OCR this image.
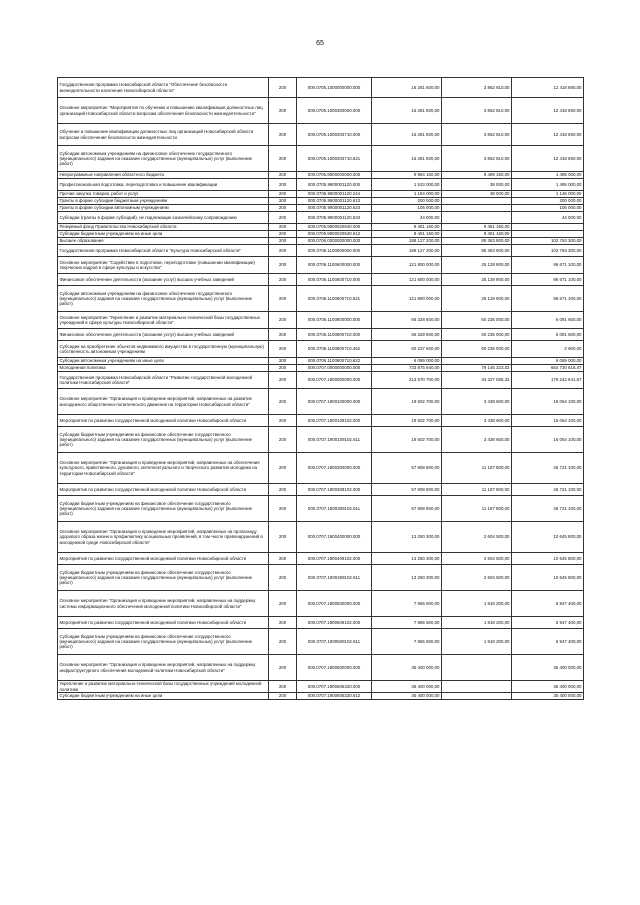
65
Государственная программа Новосибирской области "Обеспечение безопасности жизнедеятельности населения Новосибирской области"	200	000.0705.1000000000.000	16 281 500,00	3 862 810,00	12 418 690,00
Основное мероприятие "Мероприятия по обучению и повышению квалификации должностных лиц организаций Новосибирской области вопросам обеспечения безопасности жизнедеятельности"	200	000.0705.1000300000.000	16 281 500,00	3 862 810,00	12 418 690,00
Обучение и повышение квалификации должностных лиц организаций Новосибирской области вопросам обеспечения безопасности жизнедеятельности	200	000.0705.1000303710.000	16 281 500,00	3 862 810,00	12 418 690,00
Субсидии автономным учреждениям на финансовое обеспечение государственного (муниципального) задания на оказание государственных (муниципальных) услуг (выполнение работ)	200	000.0705.1000303710.621	16 281 500,00	3 862 810,00	12 418 690,00
Непрограммные направления областного бюджета	200	000.0705.9900000000.000	9 984 160,00	8 489 160,00	1 495 000,00
Профессиональная подготовка, переподготовка и повышение квалификации	200	000.0705.9900001120.000	1 533 000,00	38 000,00	1 495 000,00
Прочая закупка товаров, работ и услуг	200	000.0705.9900001120.244	1 184 000,00	38 000,00	1 146 000,00
Гранты в форме субсидии бюджетным учреждениям	200	000.0705.9900001120.613	200 000,00		200 000,00
Гранты в форме субсидии автономным учреждениям	200	000.0705.9900001120.623	105 000,00		105 000,00
Субсидии (гранты в форме субсидий), не подлежащие казначейскому сопровождению	200	000.0705.9900001120.633	44 000,00		44 000,00
Резервный фонд Правительства Новосибирской области	200	000.0705.9900020540.000	8 451 160,00	8 451 160,00	
Субсидии бюджетным учреждениям на иные цели	200	000.0705.9900020540.612	8 451 160,00	8 451 160,00	
Высшее образование	200	000.0706.0000000000.000	188 127 200,00	85 363 900,00	102 763 300,00
Государственная программа Новосибирской области "Культура Новосибирской области"	200	000.0706.1100000000.000	188 127 200,00	85 363 900,00	102 763 300,00
Основное мероприятие "Содействие в подготовке, переподготовке (повышении квалификации) творческих кадров в сфере культуры и искусства"	200	000.0706.1100600000.000	121 800 000,00	25 128 900,00	96 671 100,00
Финансовое обеспечение деятельности (оказание услуг) высших учебных заведений	200	000.0706.1100600710.000	121 800 000,00	25 128 900,00	96 671 100,00
Субсидии автономным учреждениям на финансовое обеспечение государственного (муниципального) задания на оказание государственных (муниципальных) услуг (выполнение работ)	200	000.0706.1100600710.621	121 800 000,00	25 128 900,00	96 671 100,00
Основное мероприятие "Укрепление и развитие материально-технической базы государственных учреждений в сфере культуры Новосибирской области"	200	000.0706.1100800000.000	66 328 600,00	60 235 000,00	6 091 600,00
Финансовое обеспечение деятельности (оказание услуг) высших учебных заведений	200	000.0706.1100800710.000	66 328 600,00	60 235 000,00	6 091 600,00
Субсидии на приобретение объектов недвижимого имущества в государственную (муниципальную) собственность автономным учреждениям	200	000.0706.1100800710.462	60 237 600,00	60 235 000,00	2 600,00
Субсидии автономным учреждениям на иные цели	200	000.0706.1100800710.622	6 089 000,00		6 089 000,00
Молодежная политика	200	000.0707.0000000000.000	733 875 940,00	79 145 323,53	654 730 616,47
Государственная программа Новосибирской области "Развитие государственной молодежной политики Новосибирской области"	200	000.0707.1900000000.000	213 570 700,00	34 327 058,33	179 243 641,67
Основное мероприятие "Организация и проведение мероприятий, направленных на развитие молодежного общественно-политического движения на территории Новосибирской области"	200	000.0707.1900100000.000	19 502 700,00	3 438 600,00	16 064 100,00
Мероприятия по развитию государственной молодежной политики Новосибирской области	200	000.0707.1900109102.000	19 502 700,00	3 438 600,00	16 064 100,00
Субсидии бюджетным учреждениям на финансовое обеспечение государственного (муниципального) задания на оказание государственных (муниципальных) услуг (выполнение работ)	200	000.0707.1900109102.611	19 502 700,00	3 438 600,00	16 064 100,00
Основное мероприятие "Организация и проведение мероприятий, направленных на обеспечение культурного, нравственного, духовного, интеллектуального и творческого развития молодежи на территории Новосибирской области"	200	000.0707.1900300000.000	57 908 900,00	11 187 800,00	46 721 100,00
Мероприятия по развитию государственной молодежной политики Новосибирской области	200	000.0707.1900309102.000	57 908 900,00	11 187 800,00	46 721 100,00
Субсидии бюджетным учреждениям на финансовое обеспечение государственного (муниципального) задания на оказание государственных (муниципальных) услуг (выполнение работ)	200	000.0707.1900309102.611	57 908 900,00	11 187 800,00	46 721 100,00
Основное мероприятие "Организация и проведение мероприятий, направленных на пропаганду здорового образа жизни и профилактику асоциальных проявлений, в том числе правонарушений в молодежной среде Новосибирской области"	200	000.0707.1900400000.000	13 250 300,00	2 604 500,00	10 645 800,00
Мероприятия по развитию государственной молодежной политики Новосибирской области	200	000.0707.1900409102.000	13 250 300,00	2 604 500,00	10 645 800,00
Субсидии бюджетным учреждениям на финансовое обеспечение государственного (муниципального) задания на оказание государственных (муниципальных) услуг (выполнение работ)	200	000.0707.1900409102.611	13 250 300,00	2 604 500,00	10 645 800,00
Основное мероприятие "Организация и проведение мероприятий, направленных на поддержку системы информационного обеспечения молодежной политики Новосибирской области"	200	000.0707.1900500000.000	7 865 600,00	1 918 200,00	5 947 400,00
Мероприятия по развитию государственной молодежной политики Новосибирской области	200	000.0707.1900509102.000	7 865 600,00	1 918 200,00	5 947 400,00
Субсидии бюджетным учреждениям на финансовое обеспечение государственного (муниципального) задания на оказание государственных (муниципальных) услуг (выполнение работ)	200	000.0707.1900509102.611	7 865 600,00	1 918 200,00	5 947 400,00
Основное мероприятие "Организация и проведение мероприятий, направленных на поддержку инфраструктурного обеспечения молодежной политики Новосибирской области"	200	000.0707.1900600000.000	35 400 000,00		35 400 000,00
Укрепление и развитие материально-технической базы государственных учреждений молодежной политики	200	000.0707.1900606320.000	35 400 000,00		35 400 000,00
Субсидии бюджетным учреждениям на иные цели	200	000.0707.1900606320.612	35 400 000,00		35 400 000,00
